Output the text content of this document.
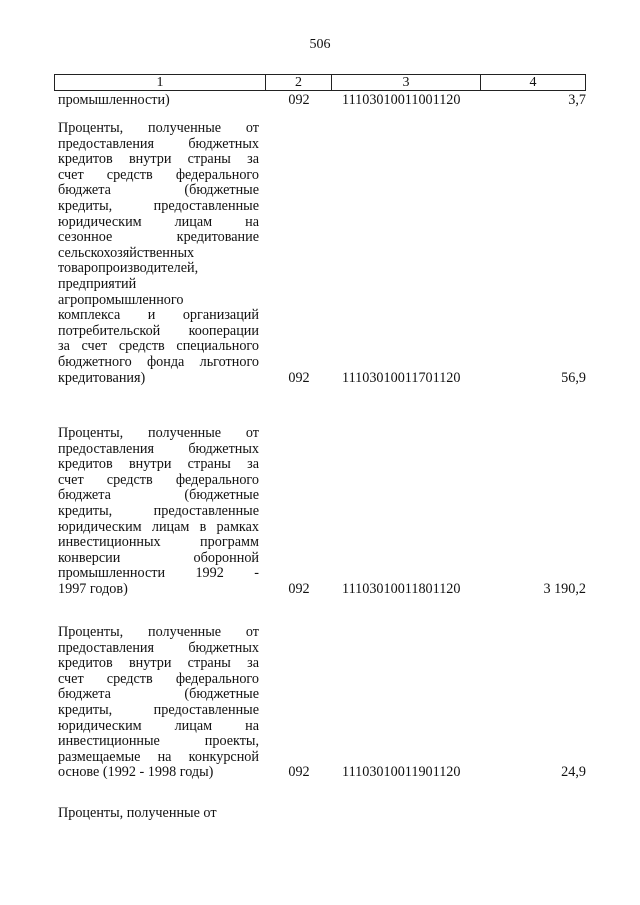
506
1	2	3	4
промышленности)	092	11103010011001120	3,7
Проценты, полученные от
предоставления бюджетных
кредитов внутри страны за
счет средств федерального
бюджета (бюджетные
кредиты, предоставленные
юридическим лицам на
сезонное кредитование
сельскохозяйственных
товаропроизводителей,
предприятий
агропромышленного
комплекса и организаций
потребительской кооперации
за счет средств специального
бюджетного фонда льготного
кредитования)	092	11103010011701120	56,9
Проценты, полученные от
предоставления бюджетных
кредитов внутри страны за
счет средств федерального
бюджета (бюджетные
кредиты, предоставленные
юридическим лицам в рамках
инвестиционных программ
конверсии оборонной
промышленности 1992 -
1997 годов)	092	11103010011801120	3 190,2
Проценты, полученные от
предоставления бюджетных
кредитов внутри страны за
счет средств федерального
бюджета (бюджетные
кредиты, предоставленные
юридическим лицам на
инвестиционные проекты,
размещаемые на конкурсной
основе (1992 - 1998 годы)	092	11103010011901120	24,9
Проценты, полученные от
